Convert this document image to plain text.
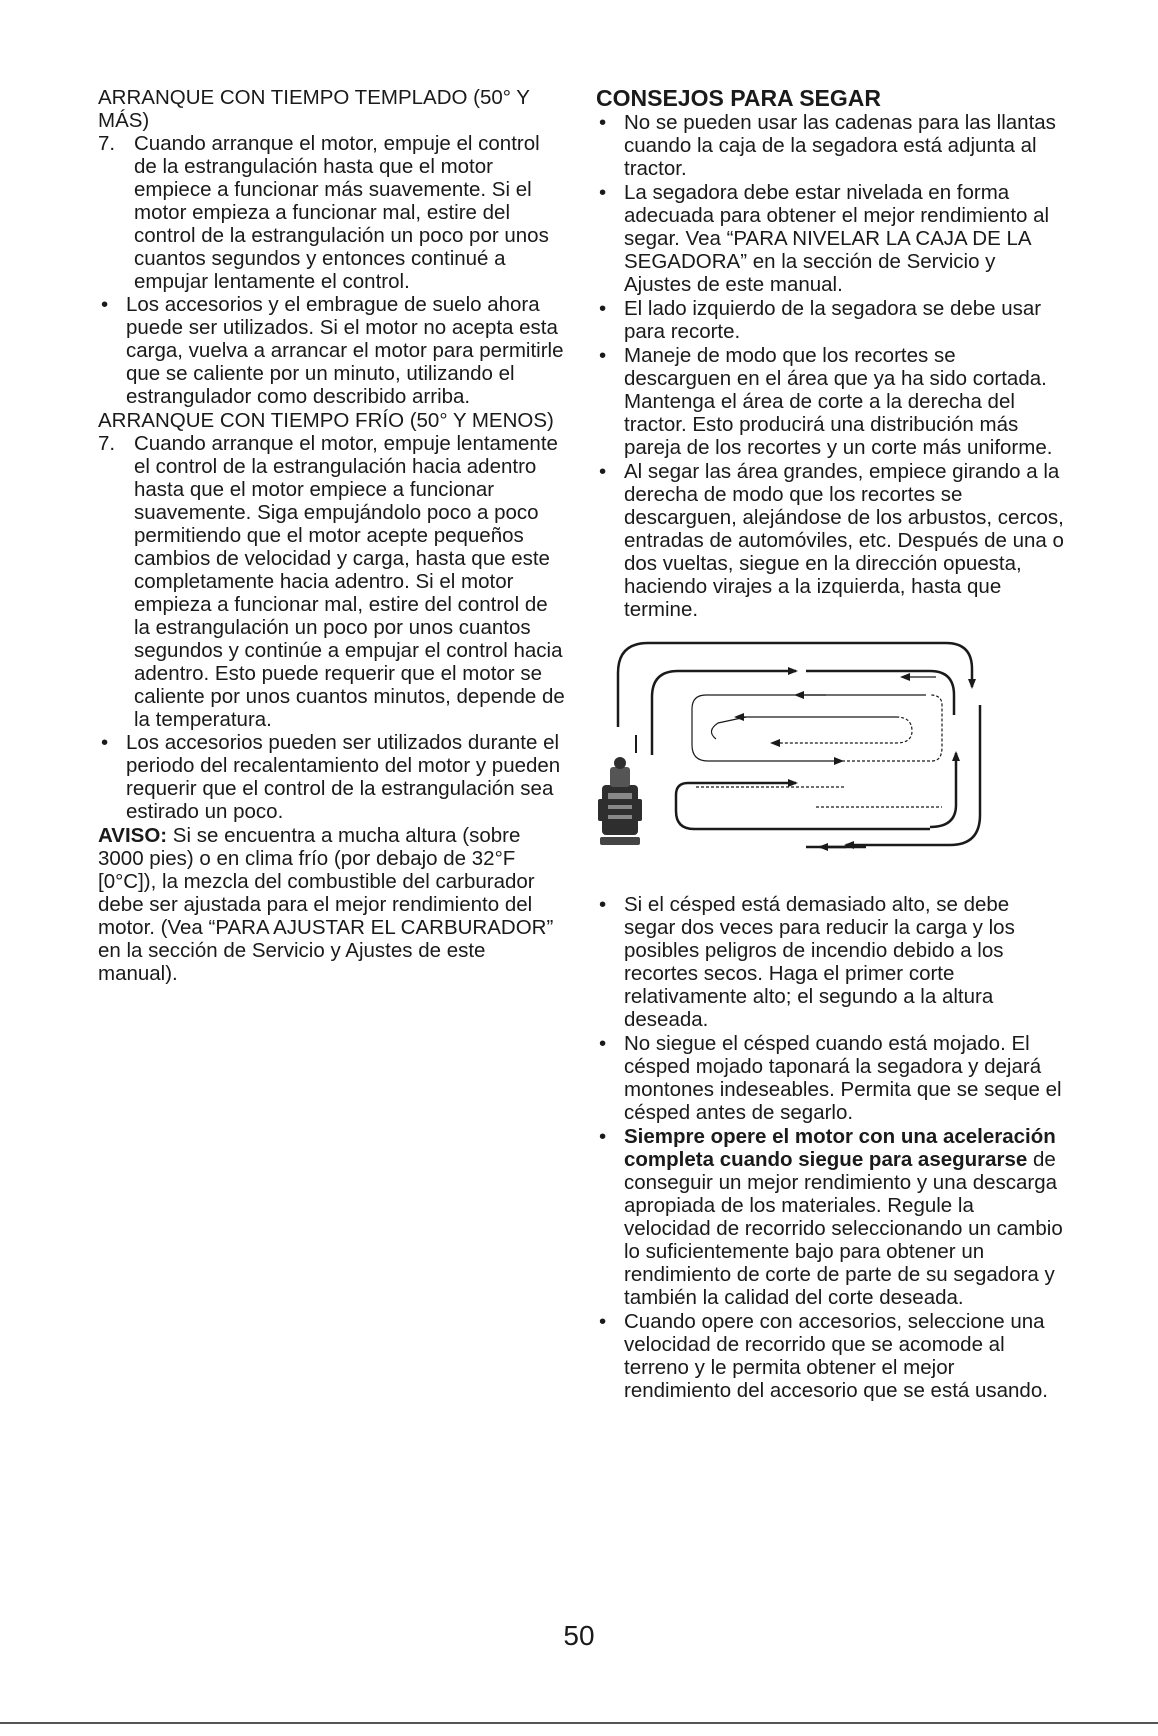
ARRANQUE CON TIEMPO TEMPLADO (50° Y MÁS)

7. Cuando arranque el motor, empuje el control de la estrangulación hasta que el motor empiece a funcionar más suavemente. Si el motor empieza a funcionar mal, estire del control de la estrangulación un poco por unos cuantos segundos y entonces continué a empujar lentamente el control.

• Los accesorios y el embrague de suelo ahora puede ser utilizados. Si el motor no acepta esta carga, vuelva a arrancar el motor para permitirle que se caliente por un minuto, utilizando el estrangulador como describido arriba.

ARRANQUE CON TIEMPO FRÍO (50° Y MENOS)

7. Cuando arranque el motor, empuje lentamente el control de la estrangulación hacia adentro hasta que el motor empiece a funcionar suavemente. Siga empujándolo poco a poco permitiendo que el motor acepte pequeños cambios de velocidad y carga, hasta que este completamente hacia adentro. Si el motor empieza a funcionar mal, estire del control de la estrangulación un poco por unos cuantos segundos y continúe a empujar el control hacia adentro. Esto puede requerir que el motor se caliente por unos cuantos minutos, depende de la temperatura.

• Los accesorios pueden ser utilizados durante el periodo del recalentamiento del motor y pueden requerir que el control de la estrangulación sea estirado un poco.

AVISO: Si se encuentra a mucha altura (sobre 3000 pies) o en clima frío (por debajo de 32°F [0°C]), la mezcla del combustible del carburador debe ser ajustada para el mejor rendimiento del motor. (Vea “PARA AJUSTAR EL CARBURADOR” en la sección de Servicio y Ajustes de este manual).

CONSEJOS PARA SEGAR

• No se pueden usar las cadenas para las llantas cuando la caja de la segadora está adjunta al tractor.
• La segadora debe estar nivelada en forma adecuada para obtener el mejor rendimiento al segar. Vea “PARA NIVELAR LA CAJA DE LA SEGADORA” en la sección de Servicio y Ajustes de este manual.
• El lado izquierdo de la segadora se debe usar para recorte.
• Maneje de modo que los recortes se descarguen en el área que ya ha sido cortada. Mantenga el área de corte a la derecha del tractor. Esto producirá una distribución más pareja de los recortes y un corte más uniforme.
• Al segar las área grandes, empiece girando a la derecha de modo que los recortes se descarguen, alejándose de los arbustos, cercos, entradas de automóviles, etc. Después de una o dos vueltas, siegue en la dirección opuesta, haciendo virajes a la izquierda, hasta que termine.
• Si el césped está demasiado alto, se debe segar dos veces para reducir la carga y los posibles peligros de incendio debido a los recortes secos. Haga el primer corte relativamente alto; el segundo a la altura deseada.
• No siegue el césped cuando está mojado. El césped mojado taponará la segadora y dejará montones indeseables. Permita que se seque el césped antes de segarlo.
• Siempre opere el motor con una aceleración completa cuando siegue para asegurarse de conseguir un mejor rendimiento y una descarga apropiada de los materiales. Regule la velocidad de recorrido seleccionando un cambio lo suficientemente bajo para obtener un rendimiento de corte de parte de su segadora y también la calidad del corte deseada.
• Cuando opere con accesorios, seleccione una velocidad de recorrido que se acomode al terreno y le permita obtener el mejor rendimiento del accesorio que se está usando.
50
